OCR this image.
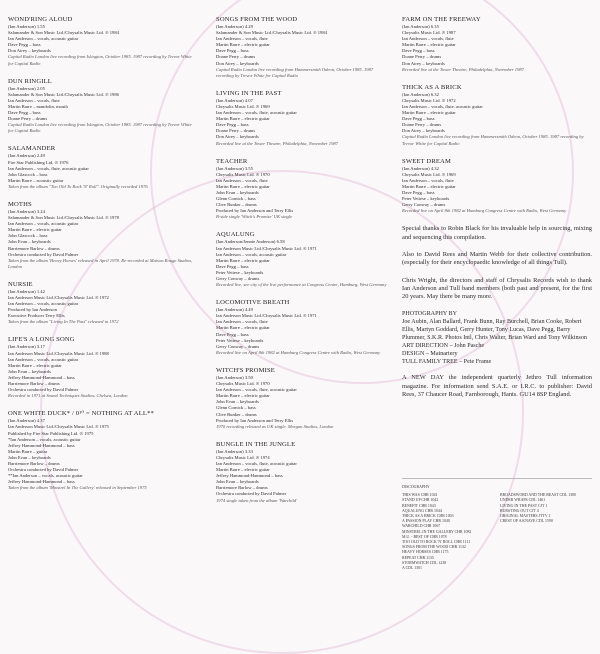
WOND'RING ALOUD
(Ian Anderson) 1.55
Salamander & Son Music Ltd./Chrysalis Music Ltd. ℗ 1984
Ian Anderson – vocals, acoustic guitar
Dave Pegg – bass
Don Airey – keyboards
Capital Radio London live recording from Islington, October 1985. 1987 recording by Trevor White for Capital Radio
DUN RINGILL
(Ian Anderson) 2.05
Salamander & Son Music Ltd./Chrysalis Music Ltd. ℗ 1986
Ian Anderson – vocals, flute
Martin Barre – mandolin, mouth
Dave Pegg – bass
Doane Perry – drums
Capital Radio London live recording from Islington, October 1985. 1987 recording by Trevor White for Capital Radio
SALAMANDER
(Ian Anderson) 2.49
Fire Star Publishing Ltd. ℗ 1976
Ian Anderson – vocals, flute, acoustic guitar
John Glascock – bass
Martin Barre – acoustic guitar
Taken from the album "Too Old To Rock 'N' Roll". Originally recorded 1976
MOTHS
(Ian Anderson) 3.24
Salamander & Son Music Ltd./Chrysalis Music Ltd. ℗ 1978
Ian Anderson – vocals, acoustic guitar
Martin Barre – electric guitar
John Glascock – bass
John Evan – keyboards
Barriemore Barlow – drums
Orchestra conducted by David Palmer
Taken from the album 'Heavy Horses' released in April 1978. Re-recorded at Maison Rouge Studios, London
NURSIE
(Ian Anderson) 1.42
Ian Anderson Music Ltd./Chrysalis Music Ltd. ℗ 1972
Ian Anderson – vocals, acoustic guitar
Produced by Ian Anderson
Executive Producer Terry Ellis
Taken from the album "Living In The Past" released in 1972
LIFE'S A LONG SONG
(Ian Anderson) 3.17
Ian Anderson Music Ltd./Chrysalis Music Ltd. ℗ 1988
Ian Anderson – vocals, acoustic guitar
Martin Barre – electric guitar
John Evan – keyboards
Jeffrey Hammond-Hammond – bass
Barriemore Barlow – drums
Orchestra conducted by David Palmer
Recorded in 1971 at Sound Techniques Studios, Chelsea, London
ONE WHITE DUCK* / 0¹⁰ = NOTHING AT ALL**
(Ian Anderson) 4.37
Ian Anderson Music Ltd./Chrysalis Music Ltd. ℗ 1975
Published by Fire Star Publishing Ltd. ℗ 1975
*Ian Anderson – vocals, acoustic guitar
Jeffrey Hammond-Hammond – bass
Martin Barre – guitar
John Evan – keyboards
Barriemore Barlow – drums
Orchestra conducted by David Palmer
**Ian Anderson – vocals, acoustic guitar
Jeffrey Hammond-Hammond – bass
Taken from the album 'Minstrel In The Gallery' released in September 1975
SONGS FROM THE WOOD
(Ian Anderson) 4.29
Salamander & Son Music Ltd./Chrysalis Music Ltd. ℗ 1984
Ian Anderson – vocals, flute
Martin Barre – electric guitar
Dave Pegg – bass
Doane Perry – drums
Don Airey – keyboards
Capital Radio London live recording from Hammersmith Odeon, October 1985. 1987 recording by Trevor White for Capital Radio
LIVING IN THE PAST
(Ian Anderson) 4.07
Chrysalis Music Ltd. ℗ 1969
Ian Anderson – vocals, flute, acoustic guitar
Martin Barre – electric guitar
Dave Pegg – bass
Doane Perry – drums
Don Airey – keyboards
Recorded live at the Tower Theatre, Philadelphia, November 1987
TEACHER
(Ian Anderson) 3.55
Chrysalis Music Ltd. ℗ 1970
Ian Anderson – vocals, flute
Martin Barre – electric guitar
John Evan – keyboards
Glenn Cornick – bass
Clive Bunker – drums
Produced by Ian Anderson and Terry Ellis
B-side single 'Witch's Promise' UK single
AQUALUNG
(Ian Anderson/Jennie Anderson) 6.58
Ian Anderson Music Ltd./Chrysalis Music Ltd. ℗ 1971
Ian Anderson – vocals, acoustic guitar
Martin Barre – electric guitar
Dave Pegg – bass
Peter Vettese – keyboards
Gerry Conway – drums
Recorded live, see city of the live performance at Congress Centre, Hamburg, West Germany
LOCOMOTIVE BREATH
(Ian Anderson) 4.49
Ian Anderson Music Ltd./Chrysalis Music Ltd. ℗ 1971
Ian Anderson – vocals, flute
Martin Barre – electric guitar
Dave Pegg – bass
Peter Vettese – keyboards
Gerry Conway – drums
Recorded live on April 8th 1982 at Hamburg Congress Centre with Radio, West Germany
WITCH'S PROMISE
(Ian Anderson) 3.50
Chrysalis Music Ltd. ℗ 1970
Ian Anderson – vocals, flute, acoustic guitar
Martin Barre – electric guitar
John Evan – keyboards
Glenn Cornick – bass
Clive Bunker – drums
Produced by Ian Anderson and Terry Ellis
1970 recording released as UK single. Morgan Studios, London
BUNGLE IN THE JUNGLE
(Ian Anderson) 3.33
Chrysalis Music Ltd. ℗ 1974
Ian Anderson – vocals, flute, acoustic guitar
Martin Barre – electric guitar
Jeffrey Hammond-Hammond – bass
John Evan – keyboards
Barriemore Barlow – drums
Orchestra conducted by David Palmer
1974 single taken from the album 'Warchild'
FARM ON THE FREEWAY
(Ian Anderson) 6.35
Chrysalis Music Ltd. ℗ 1987
Ian Anderson – vocals, flute
Martin Barre – electric guitar
Dave Pegg – bass
Doane Perry – drums
Don Airey – keyboards
Recorded live at the Tower Theatre, Philadelphia, November 1987
THICK AS A BRICK
(Ian Anderson) 6.32
Chrysalis Music Ltd. ℗ 1972
Ian Anderson – vocals, flute, acoustic guitar
Martin Barre – electric guitar
Dave Pegg – bass
Doane Perry – drums
Don Airey – keyboards
Capital Radio London live recording from Hammersmith Odeon, October 1985. 1987 recording by Trevor White for Capital Radio
SWEET DREAM
(Ian Anderson) 4.32
Chrysalis Music Ltd. ℗ 1969
Ian Anderson – vocals, flute
Martin Barre – electric guitar
Dave Pegg – bass
Peter Vettese – keyboards
Gerry Conway – drums
Recorded live on April 8th 1982 at Hamburg Congress Centre with Radio, West Germany

Special thanks to Robin Black for his invaluable help in sourcing, mixing and sequencing this compilation.

Also to David Rees and Martin Webb for their collective contribution. (especially for their encyclopaedic knowledge of all things Tull).

Chris Wright, the directors and staff of Chrysalis Records wish to thank Ian Anderson and Tull band members (both past and present, for the first 20 years. May there be many more.

PHOTOGRAPHY BY
Joe Aubin, Alan Ballard, Frank Bunn, Ray Burchell, Brian Cooke, Robert Ellis, Martyn Goddard, Gerry Hunter, Tony Lucas, Dave Pegg, Barry Plummer, S.K.R. Photos Intl, Chris Walter, Brian Ward and Tony Wilkinson
ART DIRECTION – John Pasche
DESIGN – Mainartery
TULL FAMILY TREE – Pete Frame

A NEW DAY the independent quarterly Jethro Tull information magazine. For information send S.A.E. or I.R.C. to publisher: David Rees, 37 Chaucer Road, Farnborough, Hants. GU14 8SP England.

DISCOGRAPHY
THIS WAS CHR 1041
STAND UP CHR 1042
BENEFIT CHR 1043
AQUALUNG CHR 1044
THICK AS A BRICK CHR 1003
A PASSION PLAY CHR 1040
WARCHILD CHR 1067
MINSTREL IN THE GALLERY CHR 1082
M.U. - BEST OF CHR 1078
TOO OLD TO ROCK 'N' ROLL CHR 1111
SONGS FROM THE WOOD CHR 1132
HEAVY HORSES CHR 1175
REPEAT CHR 1135
STORMWATCH CDL 1238
A CDL 1301
BROADSWORD AND THE BEAST CDL 1380
UNDER WRAPS CDL 1461
LIVING IN THE PAST CJT 1
BURSTING OUT CJT 4
ORIGINAL MASTERS JTTV 1
CREST OF A KNAVE CDL 1590
